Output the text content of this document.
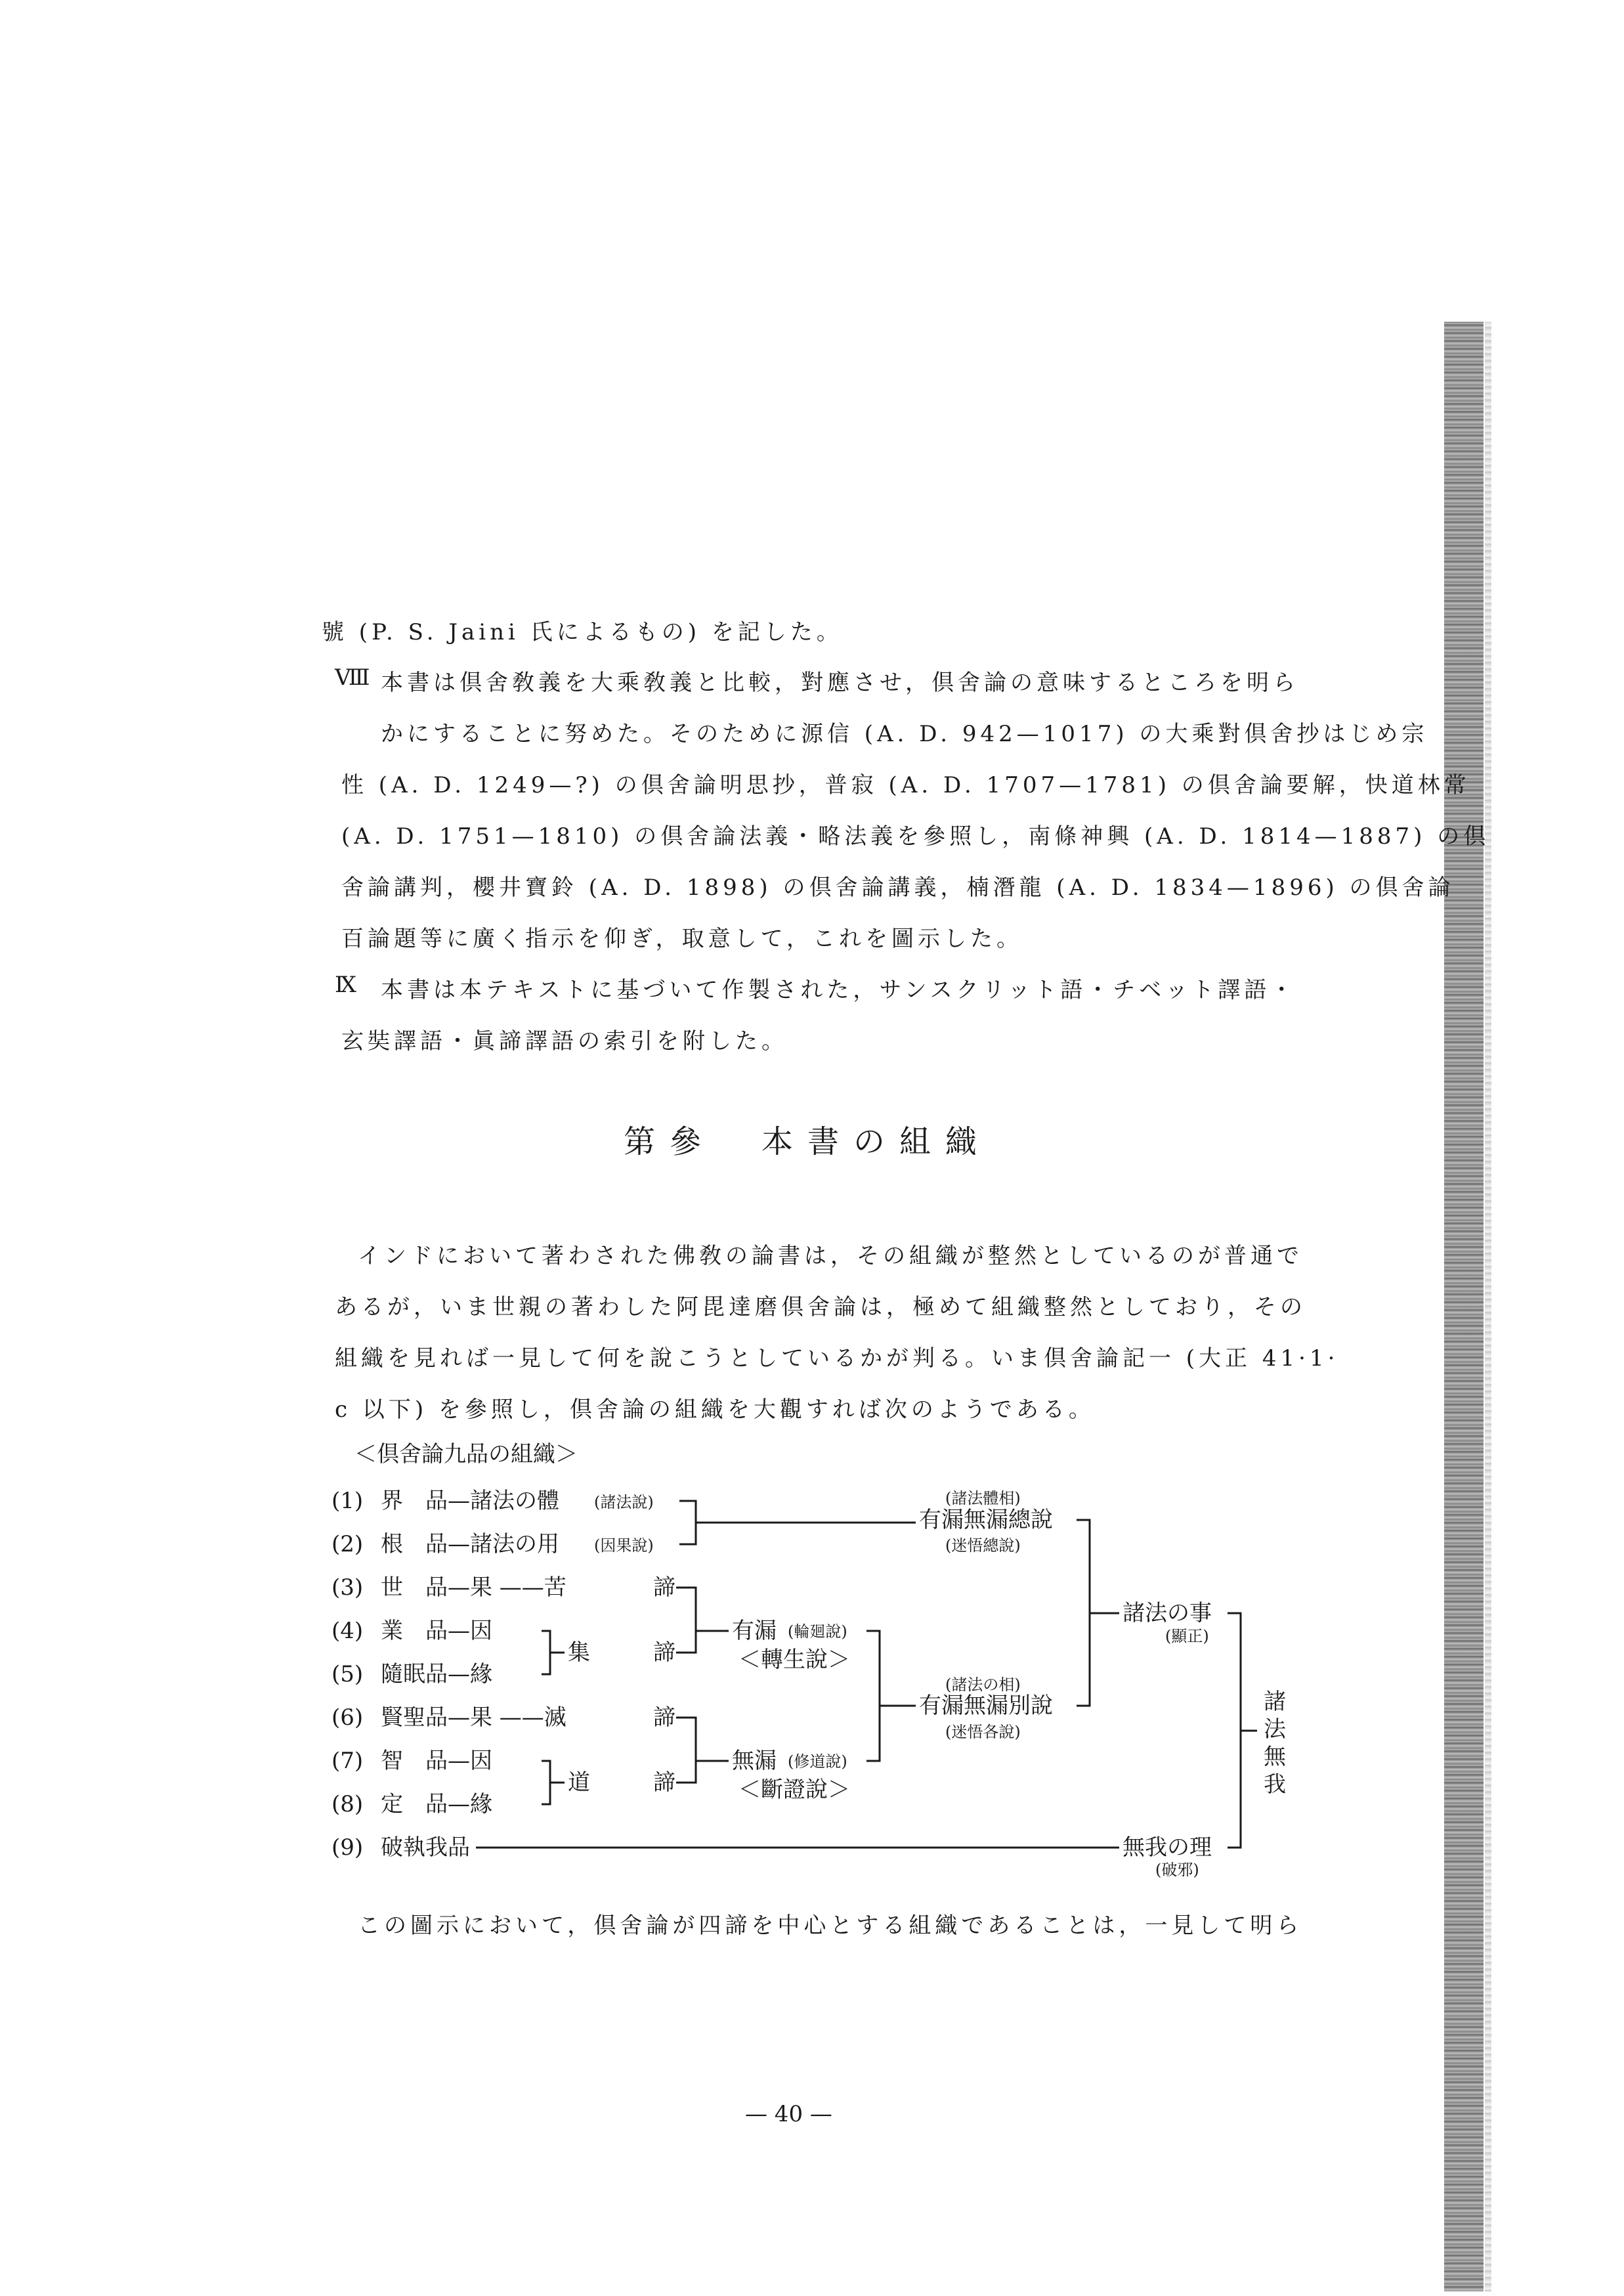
號 (P. S. Jaini 氏によるもの) を記した。
Ⅷ 本書は倶舍敎義を大乘敎義と比較，對應させ，倶舍論の意味するところを明ら
かにすることに努めた。そのために源信 (A. D. 942—1017) の大乘對倶舍抄はじめ宗
性 (A. D. 1249—?) の倶舍論明思抄，普寂 (A. D. 1707—1781) の倶舍論要解，快道林常
(A. D. 1751—1810) の倶舍論法義・略法義を參照し，南條神興 (A. D. 1814—1887) の倶
舍論講判，櫻井寶鈴 (A. D. 1898) の倶舍論講義，楠潛龍 (A. D. 1834—1896) の倶舍論
百論題等に廣く指示を仰ぎ，取意して，これを圖示した。
Ⅸ 本書は本テキストに基づいて作製された，サンスクリット語・チベット譯語・
玄奘譯語・眞諦譯語の索引を附した。
第參　本書の組織
インドにおいて著わされた佛敎の論書は，その組織が整然としているのが普通で
あるが，いま世親の著わした阿毘達磨倶舍論は，極めて組織整然としており，その
組織を見れば一見して何を說こうとしているかが判る。いま倶舍論記一 (大正 41·1·
c 以下) を參照し，倶舍論の組織を大觀すれば次のようである。
＜倶舍論九品の組織＞
(1)
(2)
(3)
(4)
(5)
(6)
(7)
(8)
(9)
界　品—諸法の體 (諸法說)
根　品—諸法の用 (因果說)
世　品—果 ——苦	諦
業　品—因
隨眠品—緣
集	諦
賢聖品—果 ——滅	諦
智　品—因
定　品—緣
道	諦
破執我品
有漏 (輪廻說)
＜轉生說＞
無漏 (修道說)
＜斷證說＞
(諸法體相)
有漏無漏總說
(迷悟總說)
(諸法の相)
有漏無漏別說
(迷悟各說)
諸法の事
(顯正)
無我の理
(破邪)
諸
法
無
我
この圖示において，倶舍論が四諦を中心とする組織であることは，一見して明ら
— 40 —
